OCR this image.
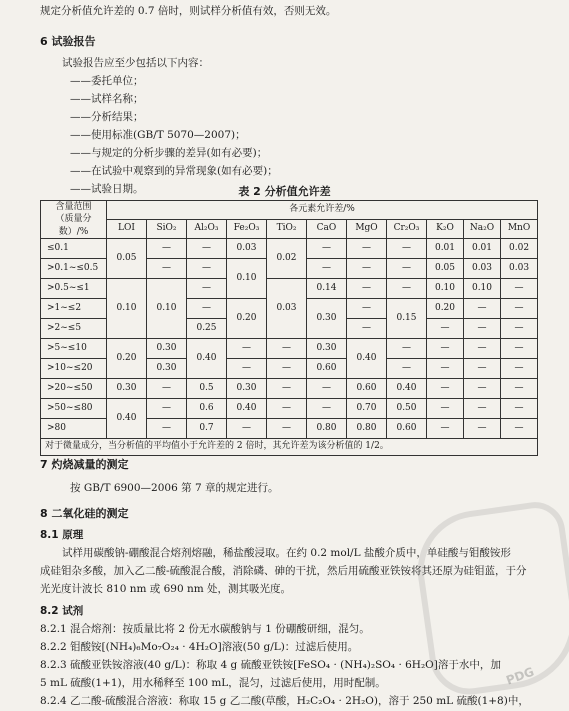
规定分析值允许差的 0.7 倍时，则试样分析值有效，否则无效。
6 试验报告
试验报告应至少包括以下内容：
——委托单位；
——试样名称；
——分析结果；
——使用标准(GB/T 5070—2007)；
——与规定的分析步骤的差异(如有必要)；
——在试验中观察到的异常现象(如有必要)；
——试验日期。	表 2 分析值允许差
含量范围
（质量分数）/%	各元素允许差/%										
	LOI	SiO₂	Al₂O₃	Fe₂O₃	TiO₂	CaO	MgO	Cr₂O₃	K₂O	Na₂O	MnO
≤0.1	0.05	—	—	0.03	0.02	—	—	—	0.01	0.01	0.02
>0.1~≤0.5		—	—	0.10		—	—	—	0.05	0.03	0.03
>0.5~≤1	0.10	0.10	—		0.03	0.14	—	—	0.10	0.10	—
>1~≤2			—	0.20		0.30	—	0.15	0.20	—	—
>2~≤5			0.25				—		—	—	—
>5~≤10	0.20	0.30	0.40	—	—	0.30	0.40	—	—	—	—
>10~≤20		0.30		—	—	0.60		—	—	—	—
>20~≤50	0.30	—	0.5	0.30	—	—	0.60	0.40	—	—	—
>50~≤80	0.40	—	0.6	0.40	—	—	0.70	0.50	—	—	—
>80		—	0.7	—	—	0.80	0.80	0.60	—	—	—
对于微量成分，当分析值的平均值小于允许差的 2 倍时，其允许差为该分析值的 1/2。											
7 灼烧减量的测定
按 GB/T 6900—2006 第 7 章的规定进行。
8 二氧化硅的测定
8.1 原理
试样用碳酸钠-硼酸混合熔剂熔融，稀盐酸浸取。在约 0.2 mol/L 盐酸介质中，单硅酸与钼酸铵形
成硅钼杂多酸，加入乙二酸-硫酸混合酸，消除磷、砷的干扰，然后用硫酸亚铁铵将其还原为硅钼蓝，于分
光光度计波长 810 nm 或 690 nm 处，测其吸光度。
8.2 试剂
8.2.1 混合熔剂：按质量比将 2 份无水碳酸钠与 1 份硼酸研细，混匀。
8.2.2 钼酸铵[(NH₄)₆Mo₇O₂₄ · 4H₂O]溶液(50 g/L)：过滤后使用。
8.2.3 硫酸亚铁铵溶液(40 g/L)：称取 4 g 硫酸亚铁铵[FeSO₄ · (NH₄)₂SO₄ · 6H₂O]溶于水中，加
5 mL 硫酸(1+1)，用水稀释至 100 mL，混匀，过滤后使用，用时配制。
8.2.4 乙二酸-硫酸混合溶液：称取 15 g 乙二酸(草酸，H₂C₂O₄ · 2H₂O)，溶于 250 mL 硫酸(1+8)中，
PDG
